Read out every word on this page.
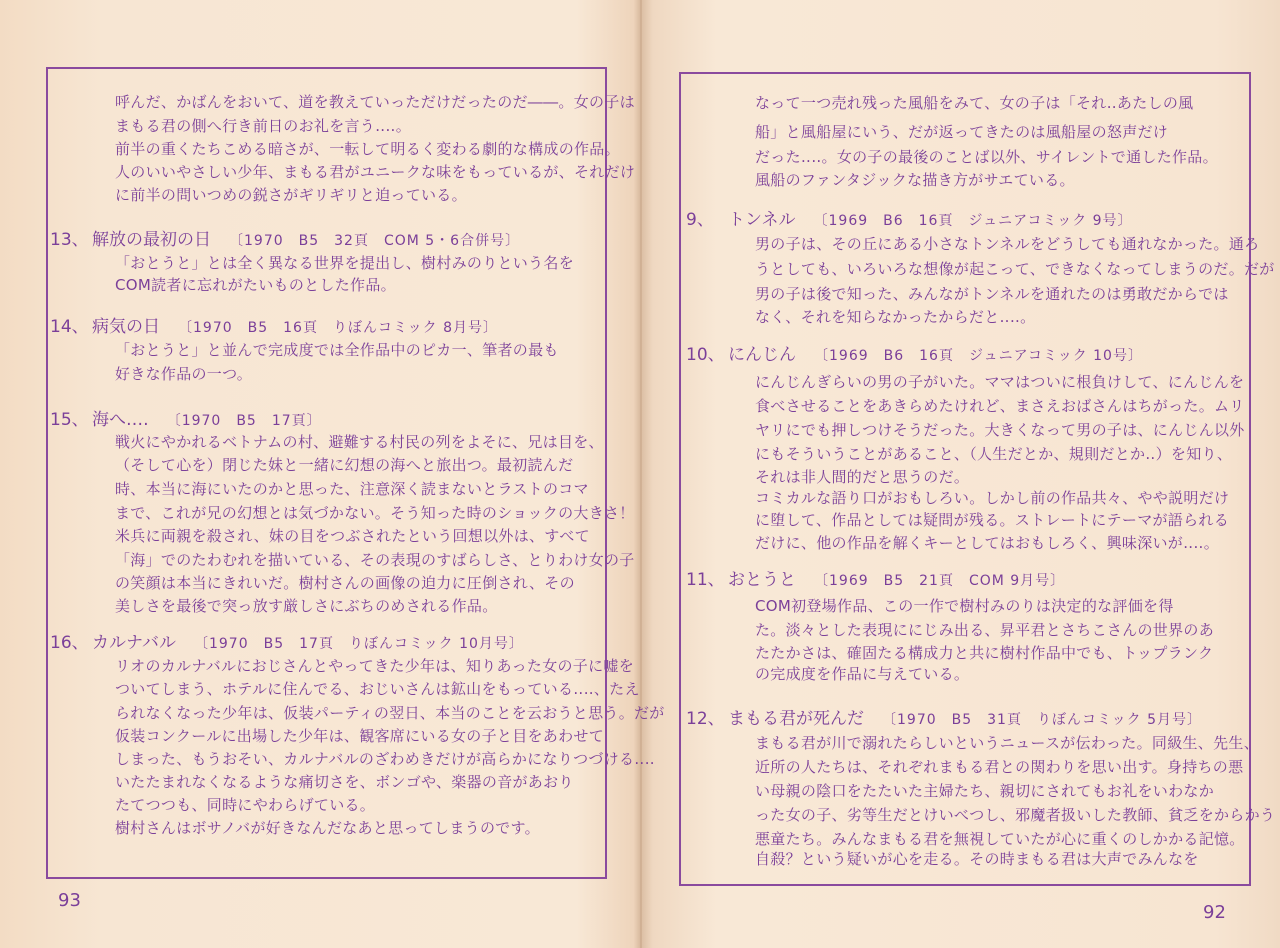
呼んだ、かばんをおいて、道を教えていっただけだったのだ――。女の子は
まもる君の側へ行き前日のお礼を言う‥‥。
前半の重くたちこめる暗さが、一転して明るく変わる劇的な構成の作品。
人のいいやさしい少年、まもる君がユニークな味をもっているが、それだけ
に前半の問いつめの鋭さがギリギリと迫っている。
13、 解放の最初の日 〔1970　B5　32頁　COM 5・6合併号〕
「おとうと」とは全く異なる世界を提出し、樹村みのりという名を
COM読者に忘れがたいものとした作品。
14、 病気の日 〔1970　B5　16頁　りぼんコミック 8月号〕
「おとうと」と並んで完成度では全作品中のピカ一、筆者の最も
好きな作品の一つ。
15、 海へ‥‥ 〔1970　B5　17頁〕
戦火にやかれるベトナムの村、避難する村民の列をよそに、兄は目を、
（そして心を）閉じた妹と一緒に幻想の海へと旅出つ。最初読んだ
時、本当に海にいたのかと思った、注意深く読まないとラストのコマ
まで、これが兄の幻想とは気づかない。そう知った時のショックの大きさ！
米兵に両親を殺され、妹の目をつぶされたという回想以外は、すべて
「海」でのたわむれを描いている、その表現のすばらしさ、とりわけ女の子
の笑顔は本当にきれいだ。樹村さんの画像の迫力に圧倒され、その
美しさを最後で突っ放す厳しさにぶちのめされる作品。
16、 カルナバル 〔1970　B5　17頁　りぼんコミック 10月号〕
リオのカルナバルにおじさんとやってきた少年は、知りあった女の子に嘘を
ついてしまう、ホテルに住んでる、おじいさんは鉱山をもっている‥‥、たえ
られなくなった少年は、仮装パーティの翌日、本当のことを云おうと思う。だが
仮装コンクールに出場した少年は、観客席にいる女の子と目をあわせて
しまった、もうおそい、カルナバルのざわめきだけが高らかになりつづける‥‥
いたたまれなくなるような痛切さを、ボンゴや、楽器の音があおり
たてつつも、同時にやわらげている。
樹村さんはボサノバが好きなんだなあと思ってしまうのです。
なって一つ売れ残った風船をみて、女の子は「それ‥あたしの風
船」と風船屋にいう、だが返ってきたのは風船屋の怒声だけ
だった‥‥。女の子の最後のことば以外、サイレントで通した作品。
風船のファンタジックな描き方がサエている。
9、 トンネル 〔1969　B6　16頁　ジュニアコミック 9号〕
男の子は、その丘にある小さなトンネルをどうしても通れなかった。通ろ
うとしても、いろいろな想像が起こって、できなくなってしまうのだ。だが
男の子は後で知った、みんながトンネルを通れたのは勇敢だからでは
なく、それを知らなかったからだと‥‥。
10、 にんじん 〔1969　B6　16頁　ジュニアコミック 10号〕
にんじんぎらいの男の子がいた。ママはついに根負けして、にんじんを
食べさせることをあきらめたけれど、まさえおばさんはちがった。ムリ
ヤリにでも押しつけそうだった。大きくなって男の子は、にんじん以外
にもそういうことがあること、（人生だとか、規則だとか‥）を知り、
それは非人間的だと思うのだ。
コミカルな語り口がおもしろい。しかし前の作品共々、やや説明だけ
に堕して、作品としては疑問が残る。ストレートにテーマが語られる
だけに、他の作品を解くキーとしてはおもしろく、興味深いが‥‥。
11、 おとうと 〔1969　B5　21頁　COM 9月号〕
COM初登場作品、この一作で樹村みのりは決定的な評価を得
た。淡々とした表現ににじみ出る、昇平君とさちこさんの世界のあ
たたかさは、確固たる構成力と共に樹村作品中でも、トップランク
の完成度を作品に与えている。
12、 まもる君が死んだ 〔1970　B5　31頁　りぼんコミック 5月号〕
まもる君が川で溺れたらしいというニュースが伝わった。同級生、先生、
近所の人たちは、それぞれまもる君との関わりを思い出す。身持ちの悪
い母親の陰口をたたいた主婦たち、親切にされてもお礼をいわなか
った女の子、劣等生だとけいべつし、邪魔者扱いした教師、貧乏をからかう
悪童たち。みんなまもる君を無視していたが心に重くのしかかる記憶。
自殺？という疑いが心を走る。その時まもる君は大声でみんなを
93
92
